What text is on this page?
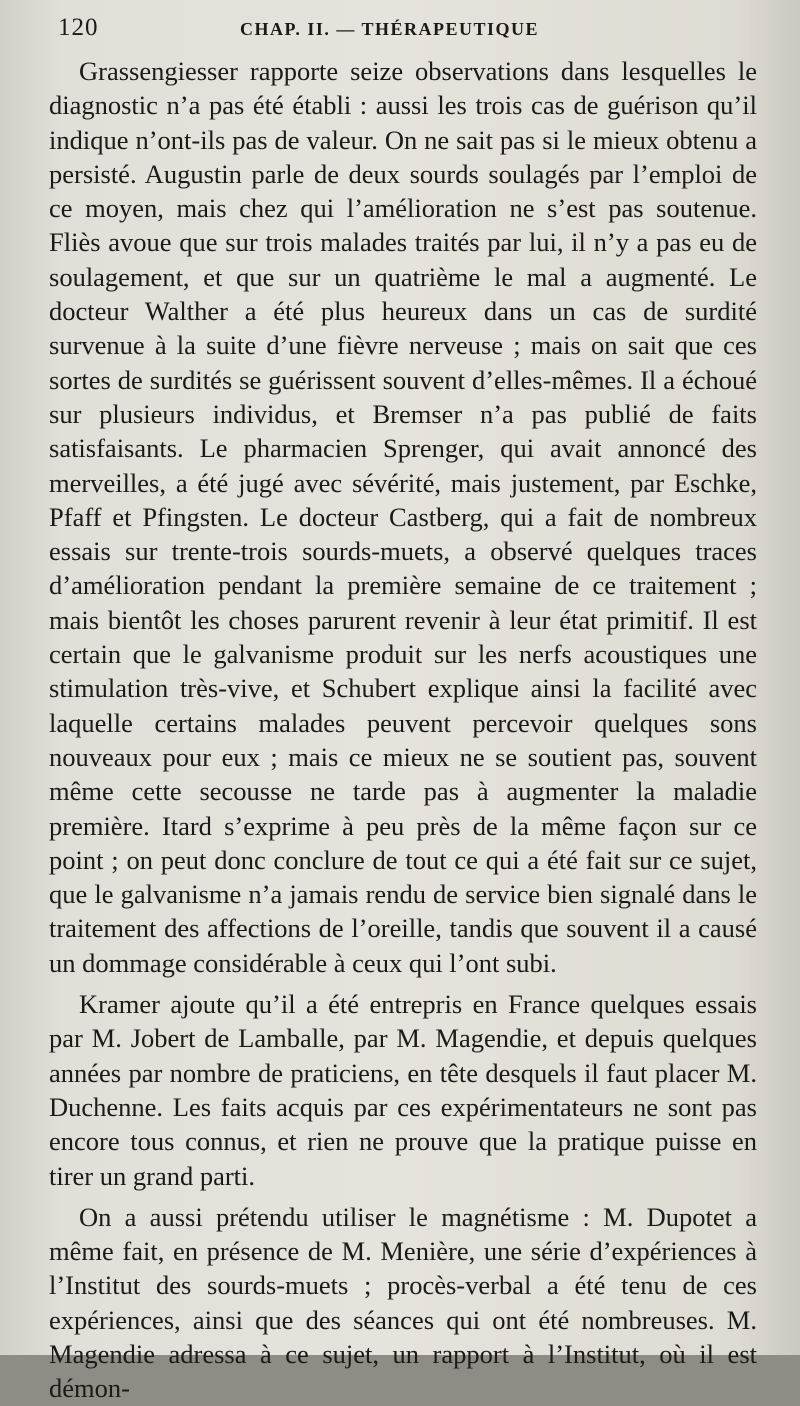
120	CHAP. II. — THÉRAPEUTIQUE

Grassengiesser rapporte seize observations dans lesquelles le diagnostic n’a pas été établi : aussi les trois cas de guérison qu’il indique n’ont-ils pas de valeur. On ne sait pas si le mieux obtenu a persisté. Augustin parle de deux sourds soulagés par l’emploi de ce moyen, mais chez qui l’amélioration ne s’est pas soutenue. Fliès avoue que sur trois malades traités par lui, il n’y a pas eu de soulagement, et que sur un quatrième le mal a augmenté. Le docteur Walther a été plus heureux dans un cas de surdité survenue à la suite d’une fièvre nerveuse ; mais on sait que ces sortes de surdités se guérissent souvent d’elles-mêmes. Il a échoué sur plusieurs individus, et Bremser n’a pas publié de faits satisfaisants. Le pharmacien Sprenger, qui avait annoncé des merveilles, a été jugé avec sévérité, mais justement, par Eschke, Pfaff et Pfingsten. Le docteur Castberg, qui a fait de nombreux essais sur trente-trois sourds-muets, a observé quelques traces d’amélioration pendant la première semaine de ce traitement ; mais bientôt les choses parurent revenir à leur état primitif. Il est certain que le galvanisme produit sur les nerfs acoustiques une stimulation très-vive, et Schubert explique ainsi la facilité avec laquelle certains malades peuvent percevoir quelques sons nouveaux pour eux ; mais ce mieux ne se soutient pas, souvent même cette secousse ne tarde pas à augmenter la maladie première. Itard s’exprime à peu près de la même façon sur ce point ; on peut donc conclure de tout ce qui a été fait sur ce sujet, que le galvanisme n’a jamais rendu de service bien signalé dans le traitement des affections de l’oreille, tandis que souvent il a causé un dommage considérable à ceux qui l’ont subi.

Kramer ajoute qu’il a été entrepris en France quelques essais par M. Jobert de Lamballe, par M. Magendie, et depuis quelques années par nombre de praticiens, en tête desquels il faut placer M. Duchenne. Les faits acquis par ces expérimentateurs ne sont pas encore tous connus, et rien ne prouve que la pratique puisse en tirer un grand parti.

On a aussi prétendu utiliser le magnétisme : M. Dupotet a même fait, en présence de M. Menière, une série d’expériences à l’Institut des sourds-muets ; procès-verbal a été tenu de ces expériences, ainsi que des séances qui ont été nombreuses. M. Magendie adressa à ce sujet, un rapport à l’Institut, où il est démon-
